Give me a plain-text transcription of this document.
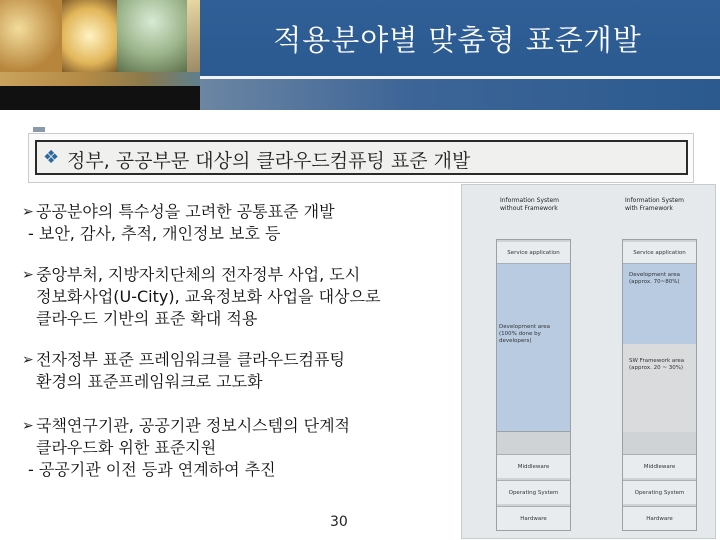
적용분야별 맞춤형 표준개발
❖ 정부, 공공부문 대상의 클라우드컴퓨팅 표준 개발
➢ 공공분야의 특수성을 고려한 공통표준 개발
- 보안, 감사, 추적, 개인정보 보호 등
➢ 중앙부처, 지방자치단체의 전자정부 사업, 도시
정보화사업(U-City), 교육정보화 사업을 대상으로
클라우드 기반의 표준 확대 적용
➢ 전자정부 표준 프레임워크를 클라우드컴퓨팅
환경의 표준프레임워크로 고도화
➢ 국책연구기관, 공공기관 정보시스템의 단계적
클라우드화 위한 표준지원
- 공공기관 이전 등과 연계하여 추진
Information System
without Framework
Information System
with Framework
Service application
Development area
(100% done by developers)
Middleware
Operating System
Hardware
Service application
Development area
(approx. 70~80%)
SW Framework area
(approx. 20 ~ 30%)
Middleware
Operating System
Hardware
30
